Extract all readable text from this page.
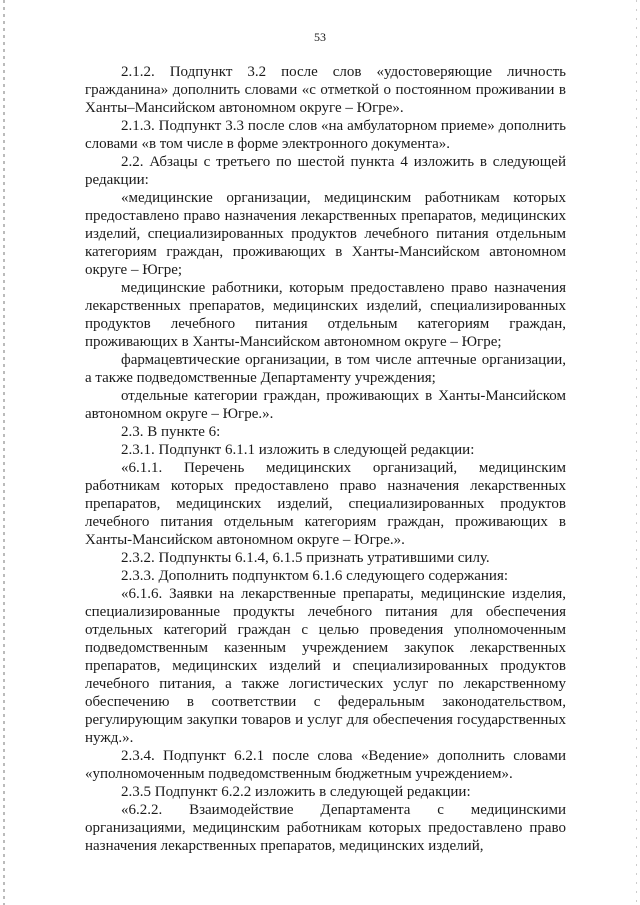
53

2.1.2. Подпункт 3.2 после слов «удостоверяющие личность гражданина» дополнить словами «с отметкой о постоянном проживании в Ханты–Мансийском автономном округе – Югре».

2.1.3. Подпункт 3.3 после слов «на амбулаторном приеме» дополнить словами «в том числе в форме электронного документа».

2.2. Абзацы с третьего по шестой пункта 4 изложить в следующей редакции:

«медицинские организации, медицинским работникам которых предоставлено право назначения лекарственных препаратов, медицинских изделий, специализированных продуктов лечебного питания отдельным категориям граждан, проживающих в Ханты-Мансийском автономном округе – Югре;

медицинские работники, которым предоставлено право назначения лекарственных препаратов, медицинских изделий, специализированных продуктов лечебного питания отдельным категориям граждан, проживающих в Ханты-Мансийском автономном округе – Югре;

фармацевтические организации, в том числе аптечные организации, а также подведомственные Департаменту учреждения;

отдельные категории граждан, проживающих в Ханты-Мансийском автономном округе – Югре.».

2.3. В пункте 6:

2.3.1. Подпункт 6.1.1 изложить в следующей редакции:

«6.1.1. Перечень медицинских организаций, медицинским работникам которых предоставлено право назначения лекарственных препаратов, медицинских изделий, специализированных продуктов лечебного питания отдельным категориям граждан, проживающих в Ханты-Мансийском автономном округе – Югре.».

2.3.2. Подпункты 6.1.4, 6.1.5 признать утратившими силу.

2.3.3. Дополнить подпунктом 6.1.6 следующего содержания:

«6.1.6. Заявки на лекарственные препараты, медицинские изделия, специализированные продукты лечебного питания для обеспечения отдельных категорий граждан с целью проведения уполномоченным подведомственным казенным учреждением закупок лекарственных препаратов, медицинских изделий и специализированных продуктов лечебного питания, а также логистических услуг по лекарственному обеспечению в соответствии с федеральным законодательством, регулирующим закупки товаров и услуг для обеспечения государственных нужд.».

2.3.4. Подпункт 6.2.1 после слова «Ведение» дополнить словами «уполномоченным подведомственным бюджетным учреждением».

2.3.5 Подпункт 6.2.2 изложить в следующей редакции:

«6.2.2. Взаимодействие Департамента с медицинскими организациями, медицинским работникам которых предоставлено право назначения лекарственных препаратов, медицинских изделий,
